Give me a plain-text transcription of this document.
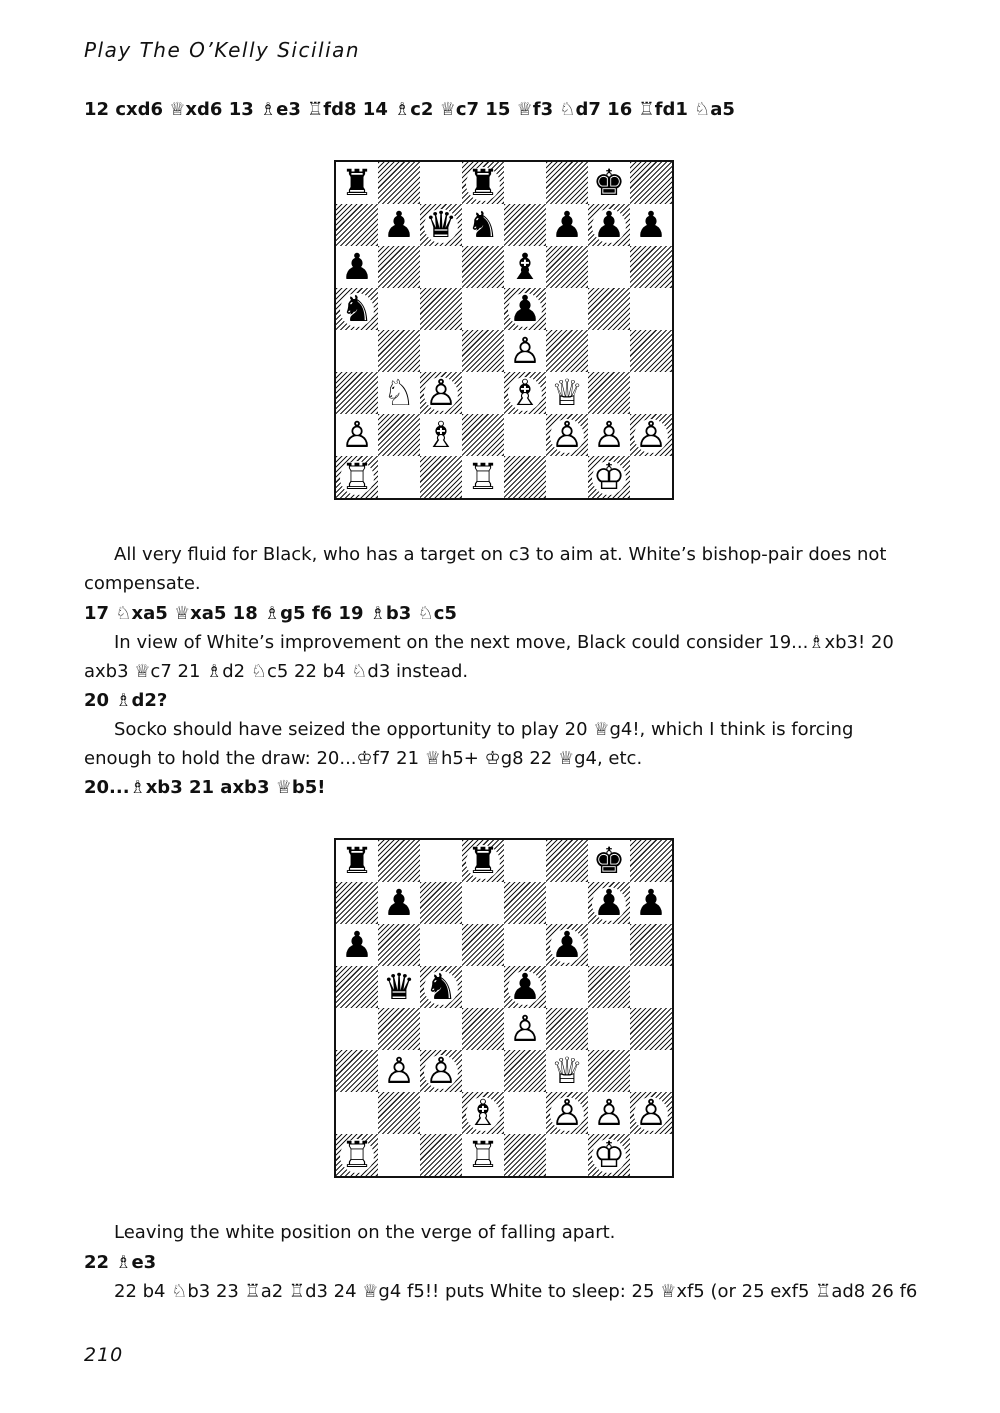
Play The O’Kelly Sicilian
12 cxd6 ♕xd6 13 ♗e3 ♖fd8 14 ♗c2 ♕c7 15 ♕f3 ♘d7 16 ♖fd1 ♘a5
♜	♜	♚
♟ ♛ ♞ ♟ ♟ ♟
♟	♝
♞	♟
♙
♘ ♙ ♗ ♕
♙ ♗	♙ ♙ ♙
♖	♖	♔
All very fluid for Black, who has a target on c3 to aim at. White’s bishop-pair does not
compensate.
17 ♘xa5 ♕xa5 18 ♗g5 f6 19 ♗b3 ♘c5
In view of White’s improvement on the next move, Black could consider 19...♗xb3! 20
axb3 ♕c7 21 ♗d2 ♘c5 22 b4 ♘d3 instead.
20 ♗d2?
Socko should have seized the opportunity to play 20 ♕g4!, which I think is forcing
enough to hold the draw: 20...♔f7 21 ♕h5+ ♔g8 22 ♕g4, etc.
20...♗xb3 21 axb3 ♕b5!
♜	♜	♚
♟	♟ ♟
♟	♟
♛ ♞ ♟
♙
♙ ♙	♕
♗ ♙ ♙ ♙
♖	♖	♔
Leaving the white position on the verge of falling apart.
22 ♗e3
22 b4 ♘b3 23 ♖a2 ♖d3 24 ♕g4 f5!! puts White to sleep: 25 ♕xf5 (or 25 exf5 ♖ad8 26 f6
210
